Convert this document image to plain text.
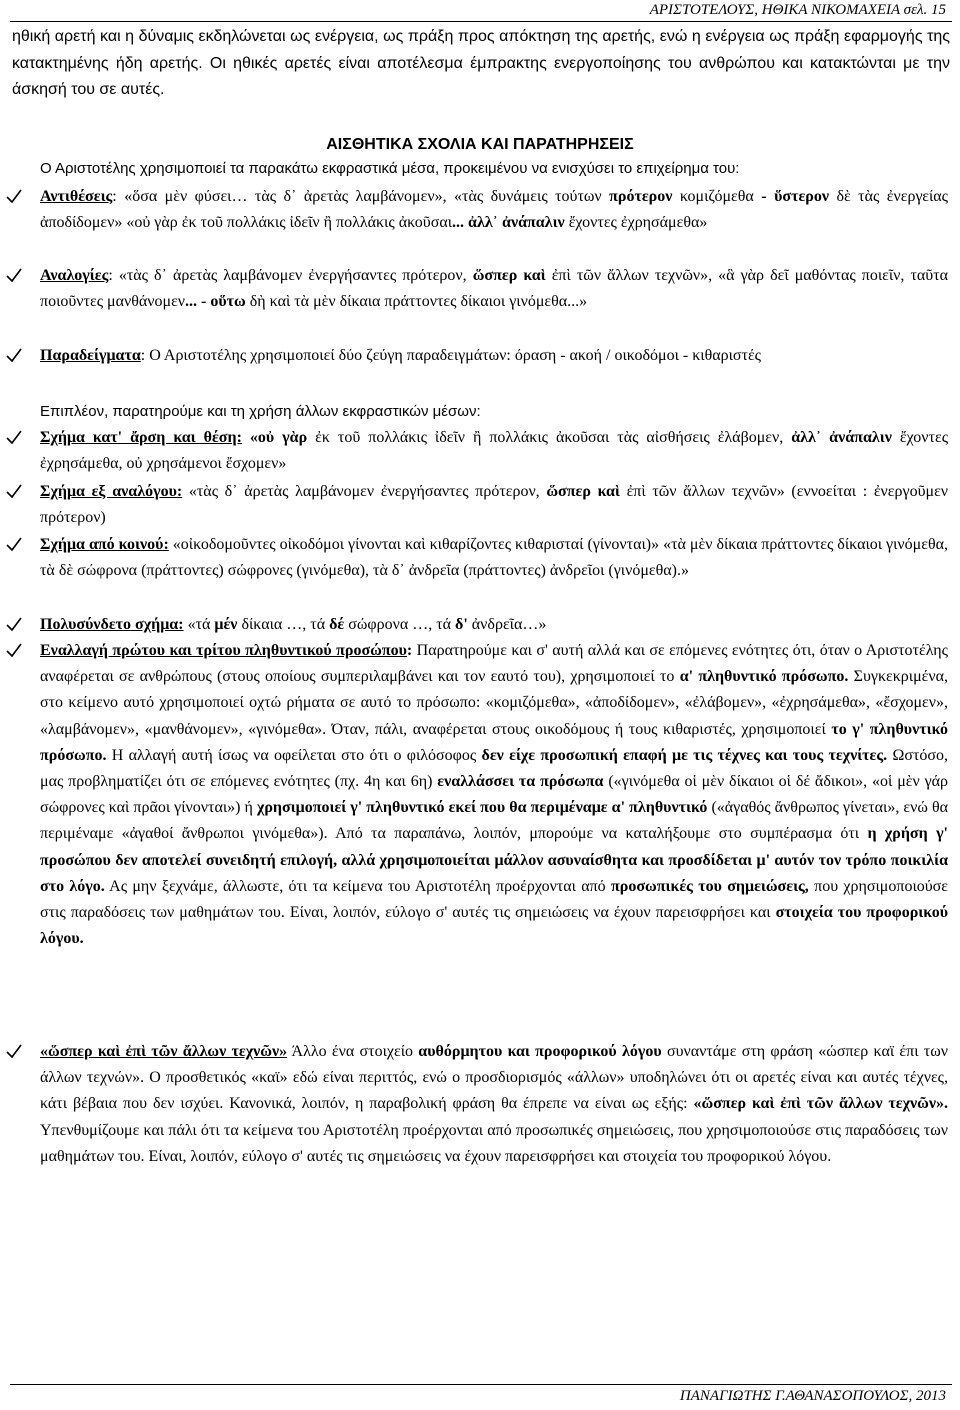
ΑΡΙΣΤΟΤΕΛΟΥΣ, ΗΘΙΚΑ ΝΙΚΟΜΑΧΕΙΑ σελ. 15
ηθική αρετή και η δύναμις εκδηλώνεται ως ενέργεια, ως πράξη προς απόκτηση της αρετής, ενώ η ενέργεια ως πράξη εφαρμογής της κατακτημένης ήδη αρετής. Οι ηθικές αρετές είναι αποτέλεσμα έμπρακτης ενεργοποίησης του ανθρώπου και κατακτώνται με την άσκησή του σε αυτές.
ΑΙΣΘΗΤΙΚΑ ΣΧΟΛΙΑ ΚΑΙ ΠΑΡΑΤΗΡΗΣΕΙΣ
Ο Αριστοτέλης χρησιμοποιεί τα παρακάτω εκφραστικά μέσα, προκειμένου να ενισχύσει το επιχείρημα του:
Αντιθέσεις: «ὅσα μὲν φύσει… τὰς δ᾽ ἀρετὰς λαμβάνομεν», «τὰς δυνάμεις τούτων πρότερον κομιζόμεθα - ὕστερον δὲ τὰς ἐνεργείας ἀποδίδομεν» «οὐ γὰρ ἐκ τοῦ πολλάκις ἰδεῖν ἢ πολλάκις ἀκοῦσαι... ἀλλ᾽ ἀνάπαλιν ἔχοντες ἐχρησάμεθα»
Αναλογίες: «τὰς δ᾽ ἀρετὰς λαμβάνομεν ἐνεργήσαντες πρότερον, ὥσπερ καὶ ἐπὶ τῶν ἄλλων τεχνῶν», «ἃ γὰρ δεῖ μαθόντας ποιεῖν, ταῦτα ποιοῦντες μανθάνομεν... - οὕτω δὴ καὶ τὰ μὲν δίκαια πράττοντες δίκαιοι γινόμεθα...»
Παραδείγματα: Ο Αριστοτέλης χρησιμοποιεί δύο ζεύγη παραδειγμάτων: όραση - ακοή / οικοδόμοι - κιθαριστές
Επιπλέον, παρατηρούμε και τη χρήση άλλων εκφραστικών μέσων:
Σχήμα κατ' ἄρση και θέση: «οὐ γὰρ ἐκ τοῦ πολλάκις ἰδεῖν ἢ πολλάκις ἀκοῦσαι τὰς αἰσθήσεις ἐλάβομεν, ἀλλ᾽ ἀνάπαλιν ἔχοντες ἐχρησάμεθα, οὐ χρησάμενοι ἔσχομεν»
Σχήμα εξ αναλόγου: «τὰς δ᾽ ἀρετὰς λαμβάνομεν ἐνεργήσαντες πρότερον, ὥσπερ καὶ ἐπὶ τῶν ἄλλων τεχνῶν» (εννοείται : ἐνεργοῦμεν πρότερον)
Σχήμα από κοινού: «οἰκοδομοῦντες οἰκοδόμοι γίνονται καὶ κιθαρίζοντες κιθαρισταί (γίνονται)» «τὰ μὲν δίκαια πράττοντες δίκαιοι γινόμεθα, τὰ δὲ σώφρονα (πράττοντες) σώφρονες (γινόμεθα), τὰ δ᾽ ἀνδρεῖα (πράττοντες) ἀνδρεῖοι (γινόμεθα).»
Πολυσύνδετο σχήμα: «τά μέν δίκαια …, τά δέ σώφρονα …, τά δ' ἀνδρεῖα…»
Εναλλαγή πρώτου και τρίτου πληθυντικού προσώπου: Παρατηρούμε και σ' αυτή αλλά και σε επόμενες ενότητες ότι, όταν ο Αριστοτέλης αναφέρεται σε ανθρώπους (στους οποίους συμπεριλαμβάνει και τον εαυτό του), χρησιμοποιεί το α' πληθυντικό πρόσωπο. Συγκεκριμένα, στο κείμενο αυτό χρησιμοποιεί οχτώ ρήματα σε αυτό το πρόσωπο: «κομιζόμεθα», «ἀποδίδομεν», «ἐλάβομεν», «ἐχρησάμεθα», «ἔσχομεν», «λαμβάνομεν», «μανθάνομεν», «γινόμεθα». Όταν, πάλι, αναφέρεται στους οικοδόμους ή τους κιθαριστές, χρησιμοποιεί το γ' πληθυντικό πρόσωπο. Η αλλαγή αυτή ίσως να οφείλεται στο ότι ο φιλόσοφος δεν είχε προσωπική επαφή με τις τέχνες και τους τεχνίτες. Ωστόσο, μας προβληματίζει ότι σε επόμενες ενότητες (πχ. 4η και 6η) εναλλάσσει τα πρόσωπα («γινόμεθα οἱ μὲν δίκαιοι οἱ δέ ἄδικοι», «οἱ μὲν γάρ σώφρονες καὶ πρᾶοι γίνονται») ή χρησιμοποιεί γ' πληθυντικό εκεί που θα περιμέναμε α' πληθυντικό («ἀγαθός ἄνθρωπος γίνεται», ενώ θα περιμέναμε «ἀγαθοί ἄνθρωποι γινόμεθα»). Από τα παραπάνω, λοιπόν, μπορούμε να καταλήξουμε στο συμπέρασμα ότι η χρήση γ' προσώπου δεν αποτελεί συνειδητή επιλογή, αλλά χρησιμοποιείται μάλλον ασυναίσθητα και προσδίδεται μ' αυτόν τον τρόπο ποικιλία στο λόγο. Ας μην ξεχνάμε, άλλωστε, ότι τα κείμενα του Αριστοτέλη προέρχονται από προσωπικές του σημειώσεις, που χρησιμοποιούσε στις παραδόσεις των μαθημάτων του. Είναι, λοιπόν, εύλογο σ' αυτές τις σημειώσεις να έχουν παρεισφρήσει και στοιχεία του προφορικού λόγου.
«ὥσπερ καὶ ἐπὶ τῶν ἄλλων τεχνῶν» Άλλο ένα στοιχείο αυθόρμητου και προφορικού λόγου συναντάμε στη φράση «ώσπερ καϊ έπι των άλλων τεχνών». Ο προσθετικός «καϊ» εδώ είναι περιττός, ενώ ο προσδιορισμός «άλλων» υποδηλώνει ότι οι αρετές είναι και αυτές τέχνες, κάτι βέβαια που δεν ισχύει. Κανονικά, λοιπόν, η παραβολική φράση θα έπρεπε να είναι ως εξής: «ὥσπερ καὶ ἐπὶ τῶν ἄλλων τεχνῶν». Υπενθυμίζουμε και πάλι ότι τα κείμενα του Αριστοτέλη προέρχονται από προσωπικές σημειώσεις, που χρησιμοποιούσε στις παραδόσεις των μαθημάτων του. Είναι, λοιπόν, εύλογο σ' αυτές τις σημειώσεις να έχουν παρεισφρήσει και στοιχεία του προφορικού λόγου.
ΠΑΝΑΓΙΩΤΗΣ Γ.ΑΘΑΝΑΣΟΠΟΥΛΟΣ, 2013
